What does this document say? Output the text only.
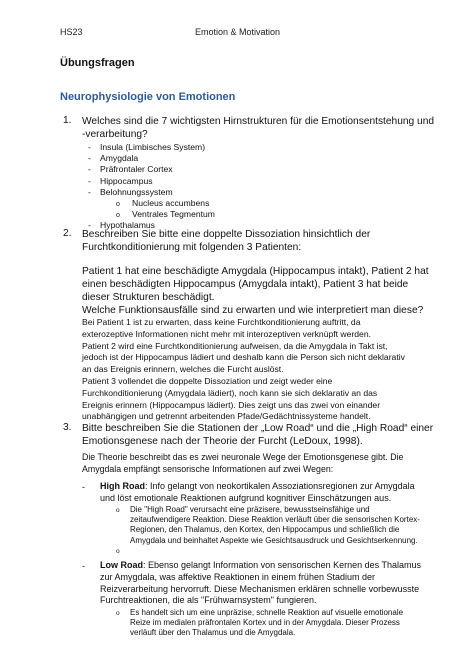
HS23	Emotion & Motivation
Übungsfragen
Neurophysiologie von Emotionen
1. Welches sind die 7 wichtigsten Hirnstrukturen für die Emotionsentstehung und
-verarbeitung?
- Insula (Limbisches System)
- Amygdala
- Präfrontaler Cortex
- Hippocampus
- Belohnungssystem
o Nucleus accumbens
o Ventrales Tegmentum
- Hypothalamus
2. Beschreiben Sie bitte eine doppelte Dissoziation hinsichtlich der
Furchtkonditionierung mit folgenden 3 Patienten:
Patient 1 hat eine beschädigte Amygdala (Hippocampus intakt), Patient 2 hat
einen beschädigten Hippocampus (Amygdala intakt), Patient 3 hat beide
dieser Strukturen beschädigt.
Welche Funktionsausfälle sind zu erwarten und wie interpretiert man diese?
Bei Patient 1 ist zu erwarten, dass keine Furchtkonditionierung auftritt, da
exterozeptive Informationen nicht mehr mit interozeptiven verknüpft werden.
Patient 2 wird eine Furchtkonditionierung aufweisen, da die Amygdala in Takt ist,
jedoch ist der Hippocampus lädiert und deshalb kann die Person sich nicht deklarativ
an das Ereignis erinnern, welches die Furcht auslöst.
Patient 3 vollendet die doppelte Dissoziation und zeigt weder eine
Furchkonditionierung (Amygdala lädiert), noch kann sie sich deklarativ an das
Ereignis erinnern (Hippocampus lädiert). Dies zeigt uns das zwei von einander
unabhängigen und getrennt arbeitenden Pfade/Gedächtnissysteme handelt.
3. Bitte beschreiben Sie die Stationen der „Low Road“ und die „High Road“ einer
Emotionsgenese nach der Theorie der Furcht (LeDoux, 1998).
Die Theorie beschreibt das es zwei neuronale Wege der Emotionsgenese gibt. Die
Amygdala empfängt sensorische Informationen auf zwei Wegen:
- High Road: Info gelangt von neokortikalen Assoziationsregionen zur Amygdala
und löst emotionale Reaktionen aufgrund kognitiver Einschätzungen aus.
o Die "High Road" verursacht eine präzisere, bewusstseinsfähige und
zeitaufwendigere Reaktion. Diese Reaktion verläuft über die sensorischen Kortex-
Regionen, den Thalamus, den Kortex, den Hippocampus und schließlich die
Amygdala und beinhaltet Aspekte wie Gesichtsausdruck und Gesichtserkennung.
o
- Low Road: Ebenso gelangt Information von sensorischen Kernen des Thalamus
zur Amygdala, was affektive Reaktionen in einem frühen Stadium der
Reizverarbeitung hervorruft. Diese Mechanismen erklären schnelle vorbewusste
Furchtreaktionen, die als "Frühwarnsystem" fungieren.
o Es handelt sich um eine unpräzise, schnelle Reaktion auf visuelle emotionale
Reize im medialen präfrontalen Kortex und in der Amygdala. Dieser Prozess
verläuft über den Thalamus und die Amygdala.
